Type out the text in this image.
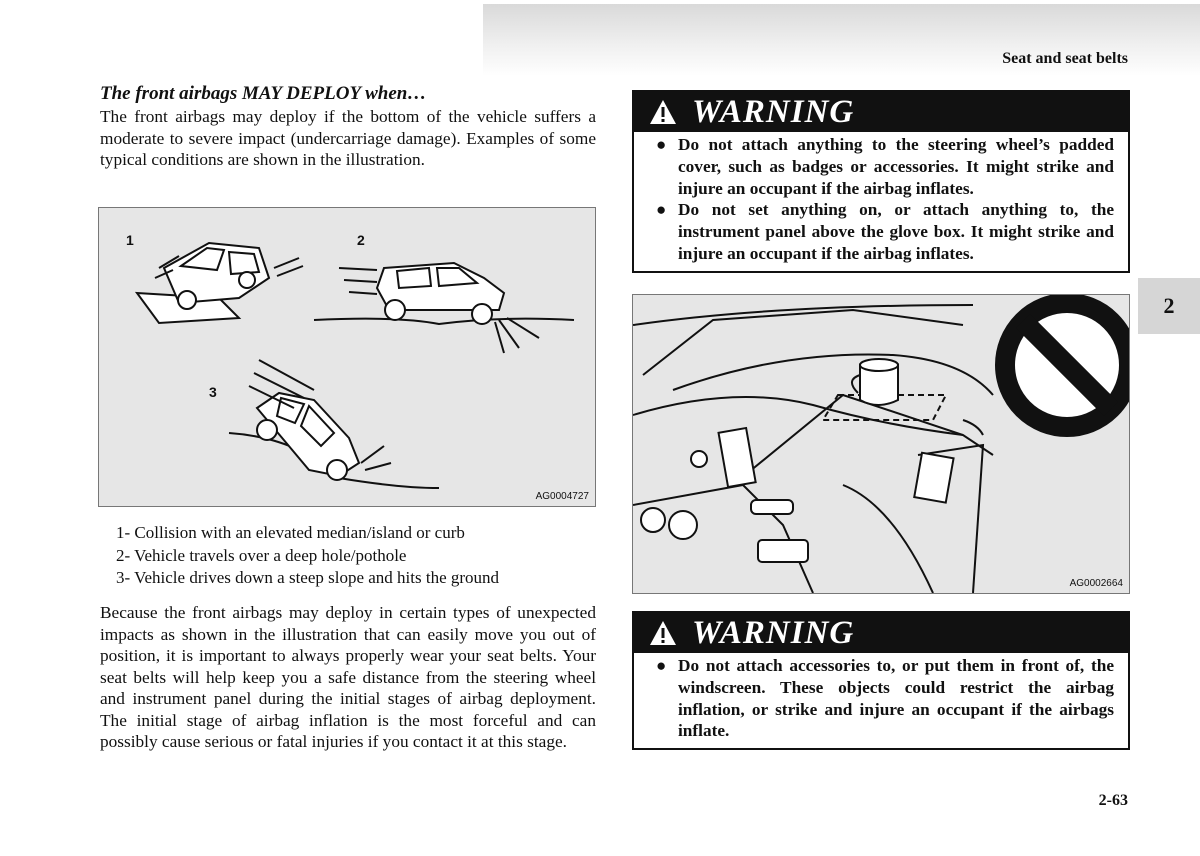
Seat and seat belts
2

The front airbags MAY DEPLOY when…

The front airbags may deploy if the bottom of the vehicle suffers a moderate to severe impact (undercarriage damage). Examples of some typical conditions are shown in the illustration.

1	2
3
AG0004727
1- Collision with an elevated median/island or curb
2- Vehicle travels over a deep hole/pothole
3- Vehicle drives down a steep slope and hits the ground

Because the front airbags may deploy in certain types of unexpected impacts as shown in the illustration that can easily move you out of position, it is important to always properly wear your seat belts. Your seat belts will help keep you a safe distance from the steering wheel and instrument panel during the initial stages of airbag deployment. The initial stage of airbag inflation is the most forceful and can possibly cause serious or fatal injuries if you contact it at this stage.

WARNING
● Do not attach anything to the steering wheel’s padded cover, such as badges or accessories. It might strike and injure an occupant if the airbag inflates.
● Do not set anything on, or attach anything to, the instrument panel above the glove box. It might strike and injure an occupant if the airbag inflates.
AG0002664
WARNING
● Do not attach accessories to, or put them in front of, the windscreen. These objects could restrict the airbag inflation, or strike and injure an occupant if the airbags inflate.
2-63
